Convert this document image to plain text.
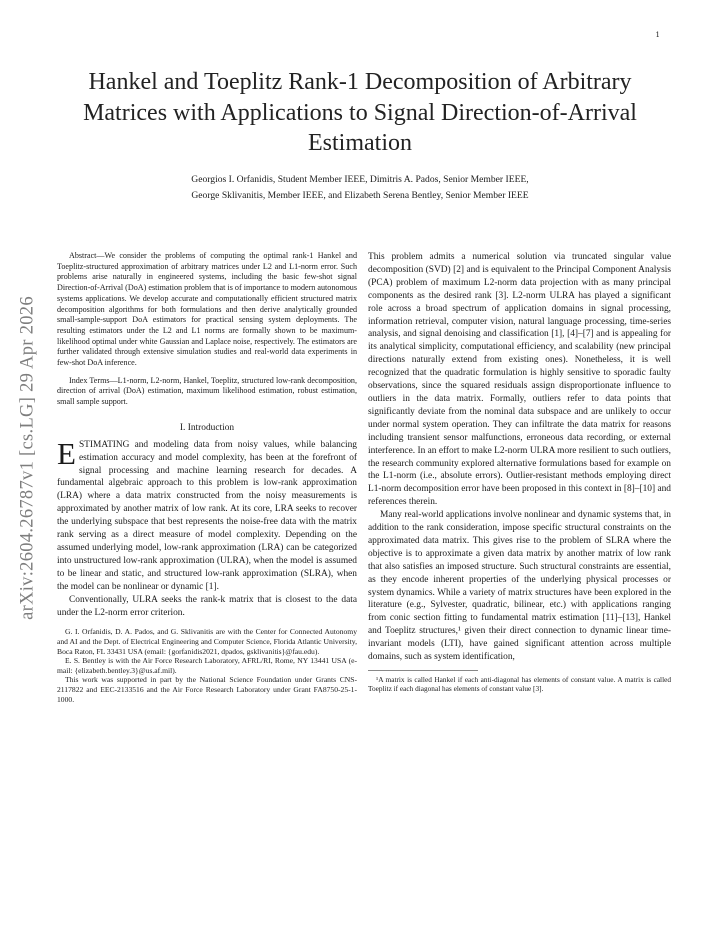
1
arXiv:2604.26787v1 [cs.LG] 29 Apr 2026
Hankel and Toeplitz Rank-1 Decomposition of Arbitrary Matrices with Applications to Signal Direction-of-Arrival Estimation
Georgios I. Orfanidis, Student Member IEEE, Dimitris A. Pados, Senior Member IEEE,
George Sklivanitis, Member IEEE, and Elizabeth Serena Bentley, Senior Member IEEE

Abstract—We consider the problems of computing the optimal rank-1 Hankel and Toeplitz-structured approximation of arbitrary matrices under L2 and L1-norm error. Such problems arise naturally in engineered systems, including the basic few-shot signal Direction-of-Arrival (DoA) estimation problem that is of importance to modern autonomous systems applications. We develop accurate and computationally efficient structured matrix decomposition algorithms for both formulations and then derive analytically grounded small-sample-support DoA estimators for practical sensing system deployments. The resulting estimators under the L2 and L1 norms are formally shown to be maximum-likelihood optimal under white Gaussian and Laplace noise, respectively. The estimators are further validated through extensive simulation studies and real-world data experiments in few-shot DoA inference.

Index Terms—L1-norm, L2-norm, Hankel, Toeplitz, structured low-rank decomposition, direction of arrival (DoA) estimation, maximum likelihood estimation, robust estimation, small sample support.

I. Introduction

ESTIMATING and modeling data from noisy values, while balancing estimation accuracy and model complexity, has been at the forefront of signal processing and machine learning research for decades. A fundamental algebraic approach to this problem is low-rank approximation (LRA) where a data matrix constructed from the noisy measurements is approximated by another matrix of low rank. At its core, LRA seeks to recover the underlying subspace that best represents the noise-free data with the matrix rank serving as a direct measure of model complexity. Depending on the assumed underlying model, low-rank approximation (LRA) can be categorized into unstructured low-rank approximation (ULRA), when the model is assumed to be linear and static, and structured low-rank approximation (SLRA), when the model can be nonlinear or dynamic [1].

Conventionally, ULRA seeks the rank-k matrix that is closest to the data under the L2-norm error criterion.

G. I. Orfanidis, D. A. Pados, and G. Sklivanitis are with the Center for Connected Autonomy and AI and the Dept. of Electrical Engineering and Computer Science, Florida Atlantic University, Boca Raton, FL 33431 USA (email: {gorfanidis2021, dpados, gsklivanitis}@fau.edu).

E. S. Bentley is with the Air Force Research Laboratory, AFRL/RI, Rome, NY 13441 USA (e-mail: {elizabeth.bentley.3}@us.af.mil).

This work was supported in part by the National Science Foundation under Grants CNS-2117822 and EEC-2133516 and the Air Force Research Laboratory under Grant FA8750-25-1-1000.

This problem admits a numerical solution via truncated singular value decomposition (SVD) [2] and is equivalent to the Principal Component Analysis (PCA) problem of maximum L2-norm data projection with as many principal components as the desired rank [3]. L2-norm ULRA has played a significant role across a broad spectrum of application domains in signal processing, information retrieval, computer vision, natural language processing, time-series analysis, and signal denoising and classification [1], [4]–[7] and is appealing for its analytical simplicity, computational efficiency, and scalability (new principal directions naturally extend from existing ones). Nonetheless, it is well recognized that the quadratic formulation is highly sensitive to sporadic faulty observations, since the squared residuals assign disproportionate influence to outliers in the data matrix. Formally, outliers refer to data points that significantly deviate from the nominal data subspace and are unlikely to occur under normal system operation. They can infiltrate the data matrix for reasons including transient sensor malfunctions, erroneous data recording, or external interference. In an effort to make L2-norm ULRA more resilient to such outliers, the research community explored alternative formulations based for example on the L1-norm (i.e., absolute errors). Outlier-resistant methods employing direct L1-norm decomposition error have been proposed in this context in [8]–[10] and references therein.

Many real-world applications involve nonlinear and dynamic systems that, in addition to the rank consideration, impose specific structural constraints on the approximated data matrix. This gives rise to the problem of SLRA where the objective is to approximate a given data matrix by another matrix of low rank that also satisfies an imposed structure. Such structural constraints are essential, as they encode inherent properties of the underlying physical processes or system dynamics. While a variety of matrix structures have been explored in the literature (e.g., Sylvester, quadratic, bilinear, etc.) with applications ranging from conic section fitting to fundamental matrix estimation [11]–[13], Hankel and Toeplitz structures,¹ given their direct connection to dynamic linear time-invariant models (LTI), have gained significant attention across multiple domains, such as system identification,

¹A matrix is called Hankel if each anti-diagonal has elements of constant value. A matrix is called Toeplitz if each diagonal has elements of constant value [3].
